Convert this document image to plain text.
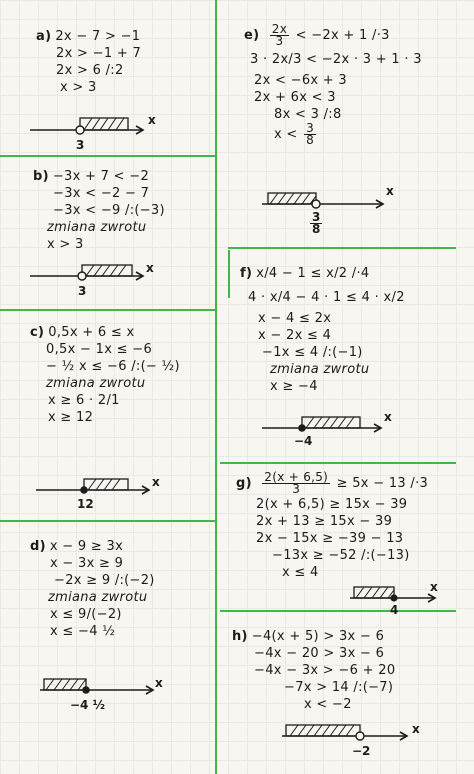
a) 2x − 7 > −1
2x > −1 + 7
2x > 6 /:2
x > 3
x
3
b) −3x + 7 < −2
−3x < −2 − 7
−3x < −9 /:(−3)
zmiana zwrotu
x > 3
x
3
c) 0,5x + 6 ≤ x
0,5x − 1x ≤ −6
− ½ x ≤ −6 /:(− ½)
zmiana zwrotu
x ≥ 6 · 2/1
x ≥ 12
x
12
d) x − 9 ≥ 3x
x − 3x ≥ 9
−2x ≥ 9 /:(−2)
zmiana zwrotu
x ≤ 9/(−2)
x ≤ −4 ½
x
−4 ½
$e) \frac{2x}{3} < -2x + 1$ /·3
3 · 2x/3 < −2x · 3 + 1 · 3
2x < −6x + 3
2x + 6x < 3
8x < 3 /:8
$x < \frac{3}{8}$
x
$\frac{3}{8}$
f) x/4 − 1 ≤ x/2 /·4
4 · x/4 − 4 · 1 ≤ 4 · x/2
x − 4 ≤ 2x
x − 2x ≤ 4
−1x ≤ 4 /:(−1)
zmiana zwrotu
x ≥ −4
x
−4
$g) \frac{2(x + 6,5)}{3} \ge 5x - 13$ /·3
2(x + 6,5) ≥ 15x − 39
2x + 13 ≥ 15x − 39
2x − 15x ≥ −39 − 13
−13x ≥ −52 /:(−13)
x ≤ 4
x
4
h) −4(x + 5) > 3x − 6
−4x − 20 > 3x − 6
−4x − 3x > −6 + 20
−7x > 14 /:(−7)
x < −2
x
−2
